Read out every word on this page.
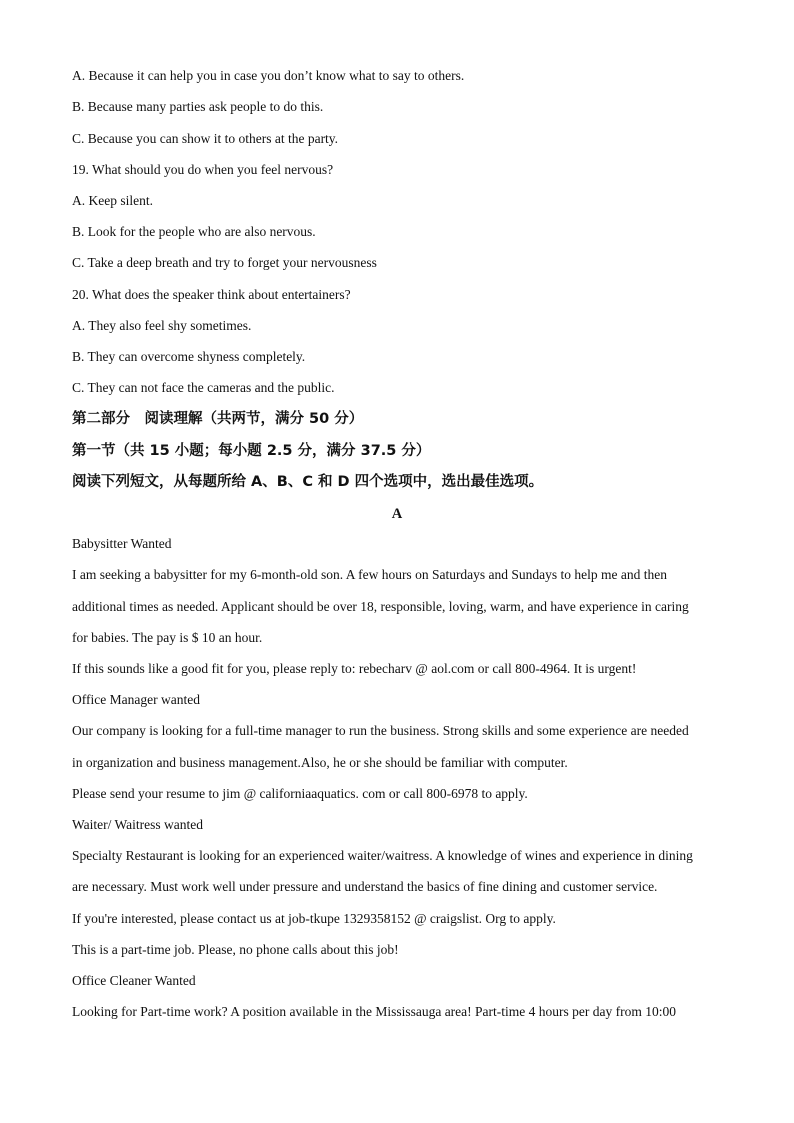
A. Because it can help you in case you don’t know what to say to others.
B. Because many parties ask people to do this.
C. Because you can show it to others at the party.
19. What should you do when you feel nervous?
A. Keep silent.
B. Look for the people who are also nervous.
C. Take a deep breath and try to forget your nervousness
20. What does the speaker think about entertainers?
A. They also feel shy sometimes.
B. They can overcome shyness completely.
C. They can not face the cameras and the public.
第二部分　阅读理解（共两节，满分 50 分）
第一节（共 15 小题；每小题 2.5 分，满分 37.5 分）
阅读下列短文，从每题所给 A、B、C 和 D 四个选项中，选出最佳选项。
A
Babysitter Wanted
I am seeking a babysitter for my 6-month-old son. A few hours on Saturdays and Sundays to help me and then
additional times as needed. Applicant should be over 18, responsible, loving, warm, and have experience in caring
for babies. The pay is $ 10 an hour.
If this sounds like a good fit for you, please reply to: rebecharv @ aol.com or call 800-4964. It is urgent!
Office Manager wanted
Our company is looking for a full-time manager to run the business. Strong skills and some experience are needed
in organization and business management.Also, he or she should be familiar with computer.
Please send your resume to jim @ californiaaquatics. com or call 800-6978 to apply.
Waiter/ Waitress wanted
Specialty Restaurant is looking for an experienced waiter/waitress. A knowledge of wines and experience in dining
are necessary. Must work well under pressure and understand the basics of fine dining and customer service.
If you're interested, please contact us at job-tkupe 1329358152 @ craigslist. Org to apply.
This is a part-time job. Please, no phone calls about this job!
Office Cleaner Wanted
Looking for Part-time work? A position available in the Mississauga area! Part-time 4 hours per day from 10:00
